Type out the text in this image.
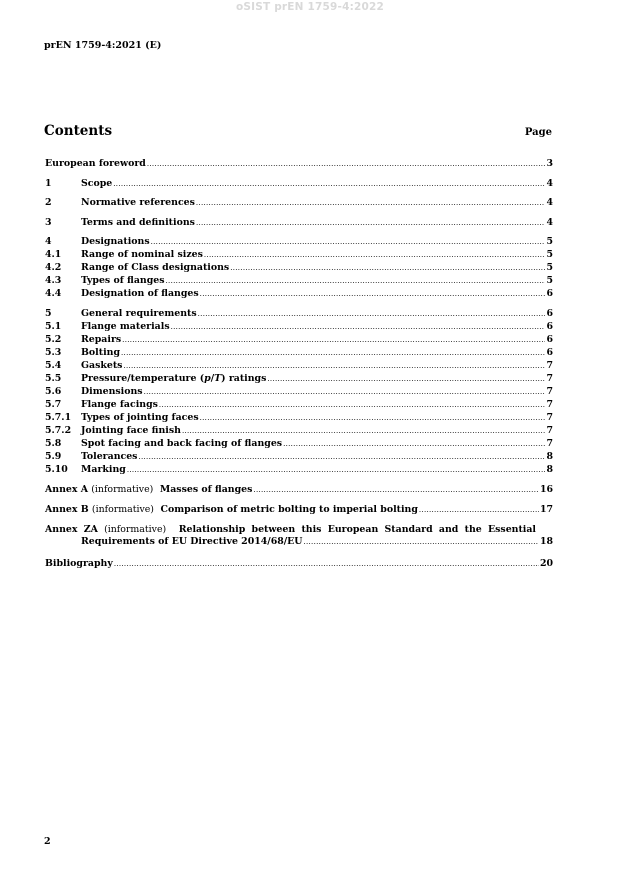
oSIST prEN 1759-4:2022
prEN 1759-4:2021 (E)
Contents	Page
European foreword .....	3
1	Scope .....	4
2	Normative references .....	4
3	Terms and definitions .....	4
4	Designations .....	5
4.1	Range of nominal sizes .....	5
4.2	Range of Class designations .....	5
4.3	Types of flanges .....	5
4.4	Designation of flanges .....	6
5	General requirements .....	6
5.1	Flange materials .....	6
5.2	Repairs .....	6
5.3	Bolting .....	6
5.4	Gaskets .....	7
5.5	Pressure/temperature (p/T) ratings .....	7
5.6	Dimensions .....	7
5.7	Flange facings .....	7
5.7.1	Types of jointing faces .....	7
5.7.2	Jointing face finish .....	7
5.8	Spot facing and back facing of flanges .....	7
5.9	Tolerances .....	8
5.10	Marking .....	8
Annex A (informative) Masses of flanges .....	16
Annex B (informative) Comparison of metric bolting to imperial bolting .....	17
Annex ZA (informative) Relationship between this European Standard and the Essential
Requirements of EU Directive 2014/68/EU .....	18
Bibliography .....	20
2
